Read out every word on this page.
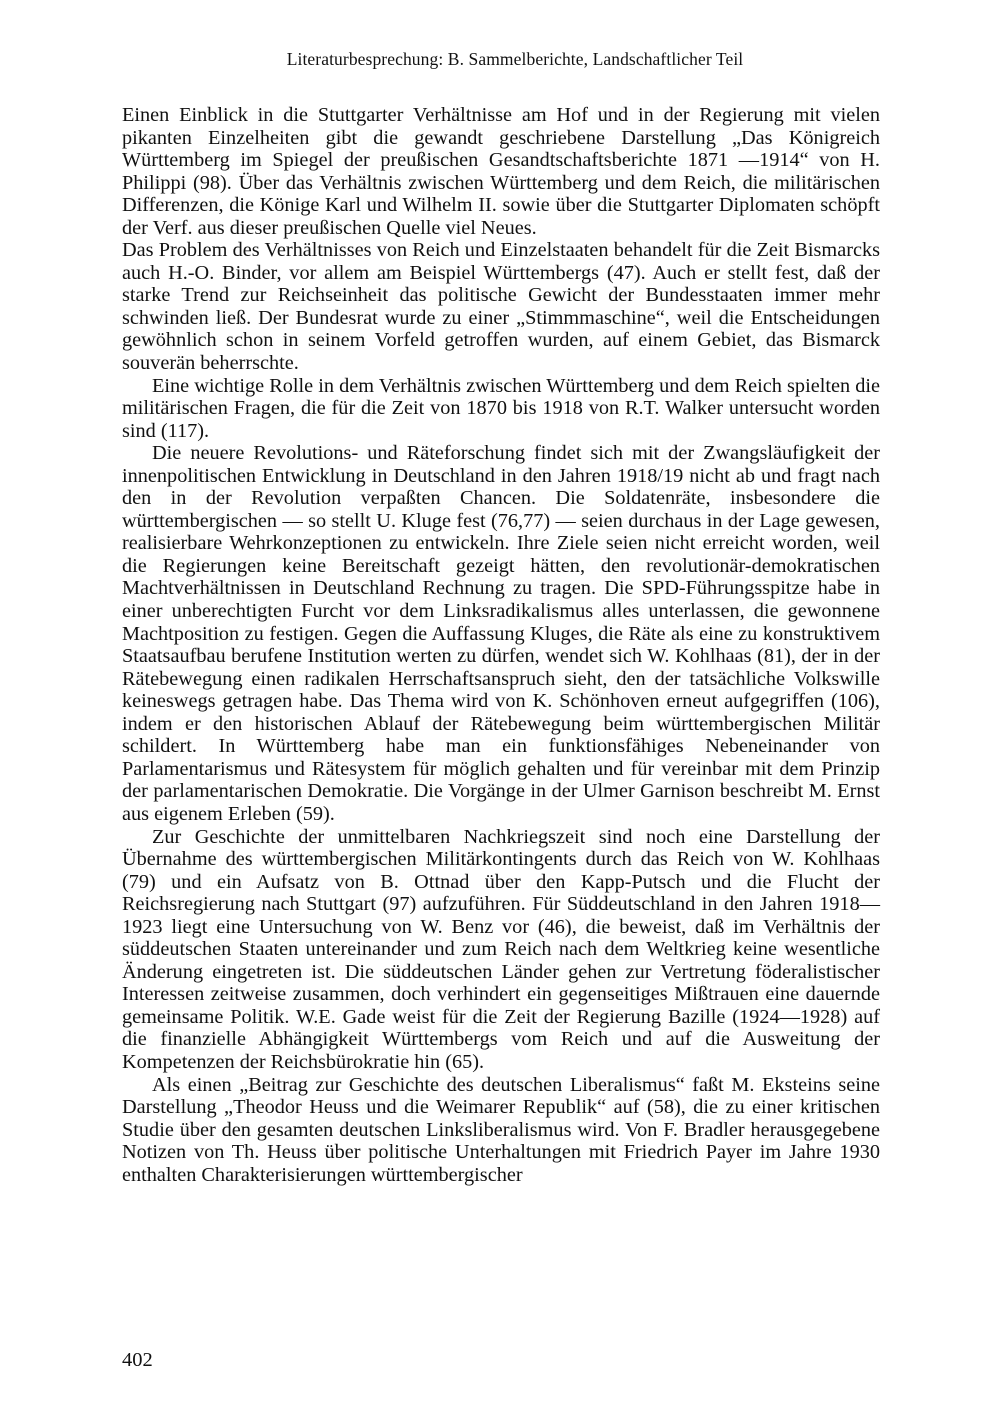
Literaturbesprechung: B. Sammelberichte, Landschaftlicher Teil

Einen Einblick in die Stuttgarter Verhältnisse am Hof und in der Regierung mit vielen pikanten Einzelheiten gibt die gewandt geschriebene Darstellung „Das Königreich Württemberg im Spiegel der preußischen Gesandtschaftsberichte 1871 —1914“ von H. Philippi (98). Über das Verhältnis zwischen Württemberg und dem Reich, die militärischen Differenzen, die Könige Karl und Wilhelm II. sowie über die Stuttgarter Diplomaten schöpft der Verf. aus dieser preußischen Quelle viel Neues.

Das Problem des Verhältnisses von Reich und Einzelstaaten behandelt für die Zeit Bismarcks auch H.-O. Binder, vor allem am Beispiel Württembergs (47). Auch er stellt fest, daß der starke Trend zur Reichseinheit das politische Gewicht der Bundesstaaten immer mehr schwinden ließ. Der Bundesrat wurde zu einer „Stimmmaschine“, weil die Entscheidungen gewöhnlich schon in seinem Vorfeld getroffen wurden, auf einem Gebiet, das Bismarck souverän beherrschte.

Eine wichtige Rolle in dem Verhältnis zwischen Württemberg und dem Reich spielten die militärischen Fragen, die für die Zeit von 1870 bis 1918 von R.T. Walker untersucht worden sind (117).

Die neuere Revolutions- und Räteforschung findet sich mit der Zwangsläufigkeit der innenpolitischen Entwicklung in Deutschland in den Jahren 1918/19 nicht ab und fragt nach den in der Revolution verpaßten Chancen. Die Soldatenräte, insbesondere die württembergischen — so stellt U. Kluge fest (76,77) — seien durchaus in der Lage gewesen, realisierbare Wehrkonzeptionen zu entwickeln. Ihre Ziele seien nicht erreicht worden, weil die Regierungen keine Bereitschaft gezeigt hätten, den revolutionär-demokratischen Machtverhältnissen in Deutschland Rechnung zu tragen. Die SPD-Führungsspitze habe in einer unberechtigten Furcht vor dem Linksradikalismus alles unterlassen, die gewonnene Machtposition zu festigen. Gegen die Auffassung Kluges, die Räte als eine zu konstruktivem Staatsaufbau berufene Institution werten zu dürfen, wendet sich W. Kohlhaas (81), der in der Rätebewegung einen radikalen Herrschaftsanspruch sieht, den der tatsächliche Volkswille keineswegs getragen habe. Das Thema wird von K. Schönhoven erneut aufgegriffen (106), indem er den historischen Ablauf der Rätebewegung beim württembergischen Militär schildert. In Württemberg habe man ein funktionsfähiges Nebeneinander von Parlamentarismus und Rätesystem für möglich gehalten und für vereinbar mit dem Prinzip der parlamentarischen Demokratie. Die Vorgänge in der Ulmer Garnison beschreibt M. Ernst aus eigenem Erleben (59).

Zur Geschichte der unmittelbaren Nachkriegszeit sind noch eine Darstellung der Übernahme des württembergischen Militärkontingents durch das Reich von W. Kohlhaas (79) und ein Aufsatz von B. Ottnad über den Kapp-Putsch und die Flucht der Reichsregierung nach Stuttgart (97) aufzuführen. Für Süddeutschland in den Jahren 1918—1923 liegt eine Untersuchung von W. Benz vor (46), die beweist, daß im Verhältnis der süddeutschen Staaten untereinander und zum Reich nach dem Weltkrieg keine wesentliche Änderung eingetreten ist. Die süddeutschen Länder gehen zur Vertretung föderalistischer Interessen zeitweise zusammen, doch verhindert ein gegenseitiges Mißtrauen eine dauernde gemeinsame Politik. W.E. Gade weist für die Zeit der Regierung Bazille (1924—1928) auf die finanzielle Abhängigkeit Württembergs vom Reich und auf die Ausweitung der Kompetenzen der Reichsbürokratie hin (65).

Als einen „Beitrag zur Geschichte des deutschen Liberalismus“ faßt M. Eksteins seine Darstellung „Theodor Heuss und die Weimarer Republik“ auf (58), die zu einer kritischen Studie über den gesamten deutschen Linksliberalismus wird. Von F. Bradler herausgegebene Notizen von Th. Heuss über politische Unterhaltungen mit Friedrich Payer im Jahre 1930 enthalten Charakterisierungen württembergischer

402
